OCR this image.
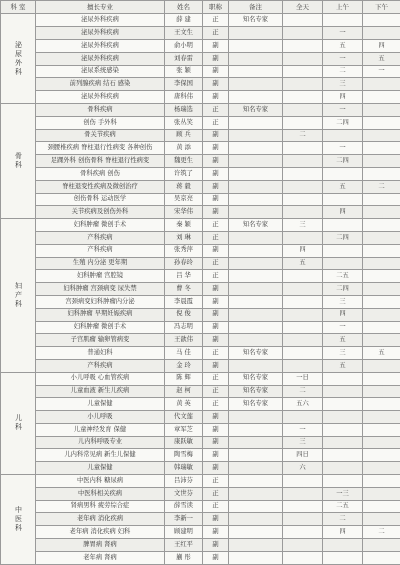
科 室	擅长专业	姓名	职称	备注	全天	上午	下午
泌尿外科	泌尿外科疾病	薛 建	正	知名专家			
	泌尿外科疾病	王文生	正			一	
	泌尿外科疾病	俞小明	副			五	四
	泌尿外科疾病	刘春雷	副			一	五
	泌尿系统感染	张 颖	副			二	一
	前列腺疾病 结石 感染	李保国	副			三	
	泌尿外科疾病	唐科伟	副			四	
骨科	骨科疾病	杨瑞选	正	知名专家		一	
	创伤 手外科	张丛笑	正			二四	
	骨关节疾病	顾 兵	副		二		
	颈腰椎疾病 脊柱退行性病变 各种创伤	黄 添	副			一	
	足踝外科 创伤骨科 脊柱退行性病变	魏更生	副			二四	
	骨科疾病 创伤	许筑了	副				
	脊柱退变性疾病及微创治疗	蒋 毅	副			五	二
	创伤骨科 运动医学	吴京亮	副				
	关节疾病及创伤外科	宋华伟	副			四	
妇产科	妇科肿瘤 微创手术	秦 颖	正	知名专家	三		
	产科疾病	刘 琳	正			二四	
	产科疾病	张秀萍	副		四		
	生殖 内分泌 更年期	孙春玲	正		五		
	妇科肿瘤 宫腔镜	吕 华	正			二五	
	妇科肿瘤 宫颈病变 尿失禁	曹 冬	副			二四	
	宫颈病变妇科肿瘤内分泌	李晨霞	副			三	
	妇科肿瘤 早期妊娠疾病	倪 俊	副			四	
	妇科肿瘤 微创手术	冯志明	副			一	
	子宫肌瘤 输卵管病变	王歆伟	副			五	
	普通妇科	马 佳	正	知名专家		三	五
	产科疾病	金 玲	副			五	
儿科	小儿呼吸 心血管疾病	陈 辉	正	知名专家	一日		
	儿童血液 新生儿疾病	赵 柯	正	知名专家	二		
	儿童保健	黄 英	正	知名专家	五六		
	小儿呼吸	代文莲	副				
	儿童神经发育 保健	章军芝	副		一		
	儿内科呼吸专业	康跃敏	副		三		
	儿内科常见病 新生儿保健	陶雪梅	副		四日		
	儿童保健	韩瑞敏	副		六		
中医科	中医内科 糖尿病	吕沛芬	正				
	中医科相关疾病	文世芬	正			一三	
	肾病男科 疲劳综合症	薛雪读	正			二五	
	老年病 消化疾病	李新一	副			二	
	老年病 消化疾病 妇科	顾建明	副			四	二
	脾胃病 肾病	王红平	副				
	老年病 肾病	蒯 彤	副				
